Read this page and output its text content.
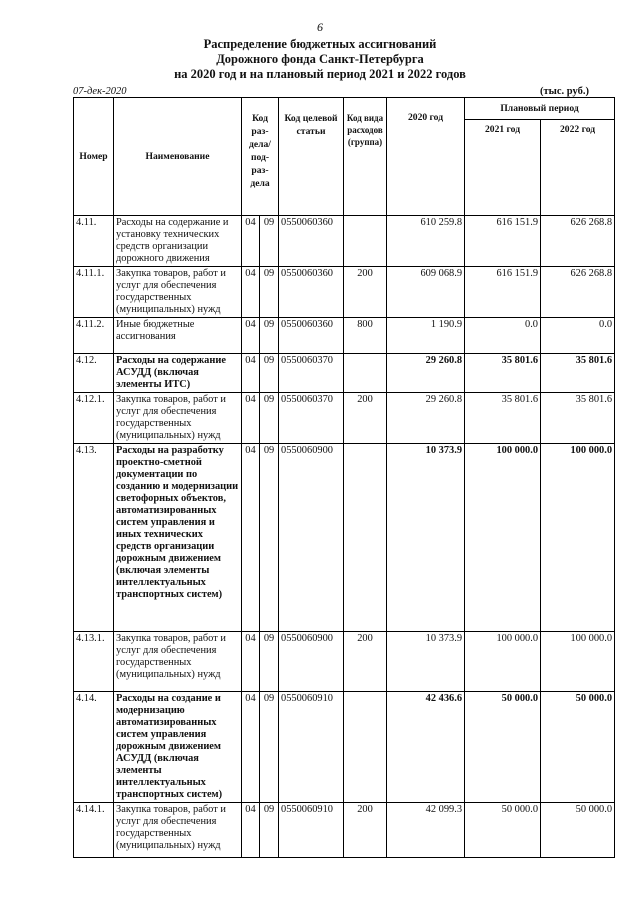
6
Распределение бюджетных ассигнований
Дорожного фонда Санкт-Петербурга
на 2020 год и на плановый период 2021 и 2022 годов
07-дек-2020	(тыс. руб.)
Номер	Наименование	Код раз-дела/ под-раз-дела		Код целевой статьи	Код вида расходов (группа)	2020 год	Плановый период	
							2021 год	2022 год
4.11.	Расходы на содержание и установку технических средств организации дорожного движения	04	09	0550060360		610 259.8	616 151.9	626 268.8
4.11.1.	Закупка товаров, работ и услуг для обеспечения государственных (муниципальных) нужд	04	09	0550060360	200	609 068.9	616 151.9	626 268.8
4.11.2.	Иные бюджетные ассигнования	04	09	0550060360	800	1 190.9	0.0	0.0
4.12.	Расходы на содержание АСУДД (включая элементы ИТС)	04	09	0550060370		29 260.8	35 801.6	35 801.6
4.12.1.	Закупка товаров, работ и услуг для обеспечения государственных (муниципальных) нужд	04	09	0550060370	200	29 260.8	35 801.6	35 801.6
4.13.	Расходы на разработку проектно-сметной документации по созданию и модернизации светофорных объектов, автоматизированных систем управления и иных технических средств организации дорожным движением (включая элементы интеллектуальных транспортных систем)	04	09	0550060900		10 373.9	100 000.0	100 000.0
4.13.1.	Закупка товаров, работ и услуг для обеспечения государственных (муниципальных) нужд	04	09	0550060900	200	10 373.9	100 000.0	100 000.0
4.14.	Расходы на создание и модернизацию автоматизированных систем управления дорожным движением АСУДД (включая элементы интеллектуальных транспортных систем)	04	09	0550060910		42 436.6	50 000.0	50 000.0
4.14.1.	Закупка товаров, работ и услуг для обеспечения государственных (муниципальных) нужд	04	09	0550060910	200	42 099.3	50 000.0	50 000.0
